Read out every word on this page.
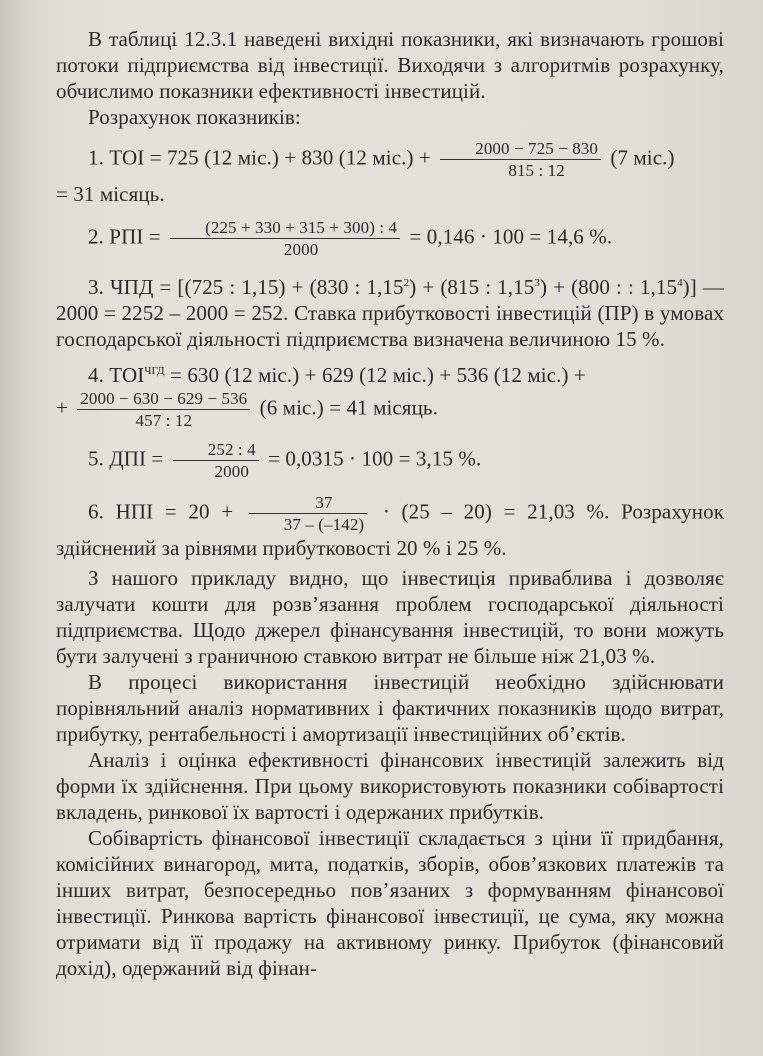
В таблиці 12.3.1 наведені вихідні показники, які визначають грошові потоки підприємства від інвестиції. Виходячи з алгоритмів розрахунку, обчислимо показники ефективності інвестицій.

Розрахунок показників:

1. ТОІ = 725 (12 міс.) + 830 (12 $міс.) + \frac{2000 - 725 - 830}{815 : 12} (7$ міс.)

= 31 місяць.

2. РПІ = $\frac{(225 + 330 + 315 + 300) : 4}{2000} = 0,146 \cdot 100 = 14,6$ %.

3. ЧПД = [(725 : 1,15) + (830 : $1,15^2) + (815$ : $1,15^3) + (800$ : : 1,15$^4$)] — 2000 = 2252 – 2000 = 252. Ставка прибутковості інвестицій (ПР) в умовах господарської діяльності підприємства визначена величиною 15 %.

4. $ТОІ^{ЧГД} = 630$ (12 міс.) + 629 (12 міс.) + 536 (12 міс.) +

+ $\frac{2000 - 630 - 629 - 536}{457 : 12} (6$ міс.) = 41 місяць.

5. ДПІ = $\frac{252 : 4}{2000} = 0,0315 \cdot 100 = 3,15$ %.

6. НПІ = $20 + \frac{37}{37 - (-142)} \cdot (25 - 20) = 21,03$ %. Розрахунок здійснений за рівнями прибутковості 20 % і 25 %.

З нашого прикладу видно, що інвестиція приваблива і дозволяє залучати кошти для розв’язання проблем господарської діяльності підприємства. Щодо джерел фінансування інвестицій, то вони можуть бути залучені з граничною ставкою витрат не більше ніж 21,03 %.

В процесі використання інвестицій необхідно здійснювати порівняльний аналіз нормативних і фактичних показників щодо витрат, прибутку, рентабельності і амортизації інвестиційних об’єктів.

Аналіз і оцінка ефективності фінансових інвестицій залежить від форми їх здійснення. При цьому використовують показники собівартості вкладень, ринкової їх вартості і одержаних прибутків.

Собівартість фінансової інвестиції складається з ціни її придбання, комісійних винагород, мита, податків, зборів, обов’язкових платежів та інших витрат, безпосередньо пов’язаних з формуванням фінансової інвестиції. Ринкова вартість фінансової інвестиції, це сума, яку можна отримати від її продажу на активному ринку. Прибуток (фінансовий дохід), одержаний від фінан-
